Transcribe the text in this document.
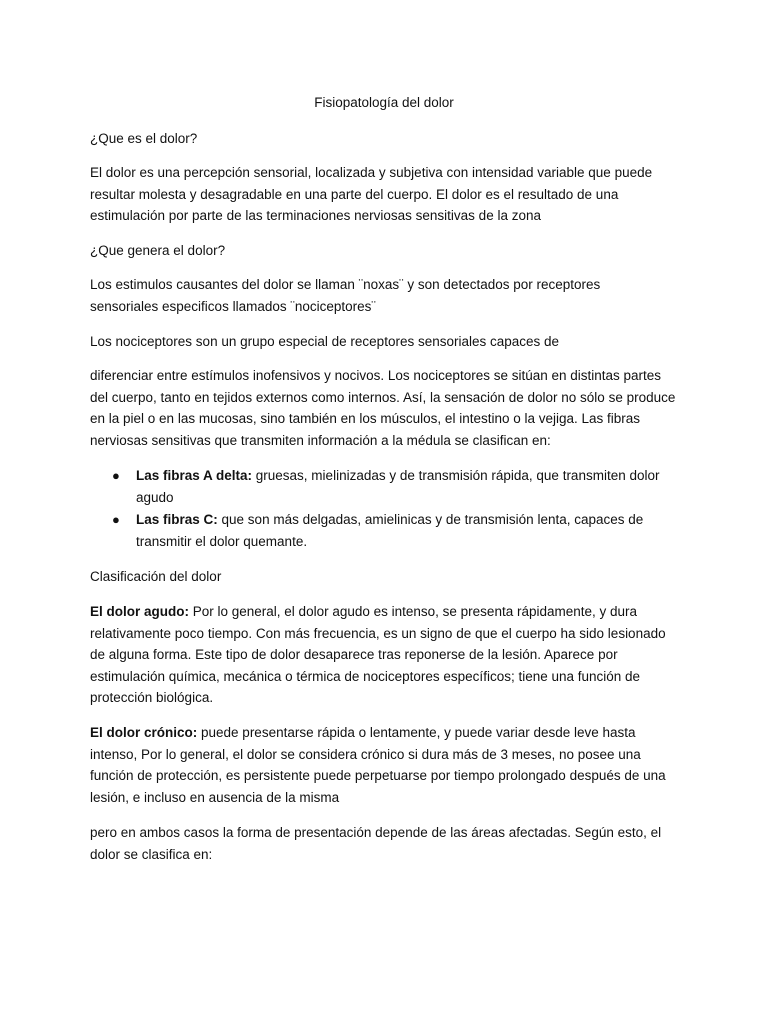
Fisiopatología del dolor

¿Que es el dolor?

El dolor es una percepción sensorial, localizada y subjetiva con intensidad variable que puede resultar molesta y desagradable en una parte del cuerpo. El dolor es el resultado de una estimulación por parte de las terminaciones nerviosas sensitivas de la zona

¿Que genera el dolor?

Los estimulos causantes del dolor se llaman ¨noxas¨ y son detectados por receptores sensoriales especificos llamados ¨nociceptores¨

Los nociceptores son un grupo especial de receptores sensoriales capaces de

diferenciar entre estímulos inofensivos y nocivos. Los nociceptores se sitúan en distintas partes del cuerpo, tanto en tejidos externos como internos. Así, la sensación de dolor no sólo se produce en la piel o en las mucosas, sino también en los músculos, el intestino o la vejiga. Las fibras nerviosas sensitivas que transmiten información a la médula se clasifican en:

● Las fibras A delta: gruesas, mielinizadas y de transmisión rápida, que transmiten dolor agudo
● Las fibras C: que son más delgadas, amielinicas y de transmisión lenta, capaces de transmitir el dolor quemante.

Clasificación del dolor

El dolor agudo: Por lo general, el dolor agudo es intenso, se presenta rápidamente, y dura relativamente poco tiempo. Con más frecuencia, es un signo de que el cuerpo ha sido lesionado de alguna forma. Este tipo de dolor desaparece tras reponerse de la lesión. Aparece por estimulación química, mecánica o térmica de nociceptores específicos; tiene una función de protección biológica.

El dolor crónico: puede presentarse rápida o lentamente, y puede variar desde leve hasta intenso, Por lo general, el dolor se considera crónico si dura más de 3 meses, no posee una función de protección, es persistente puede perpetuarse por tiempo prolongado después de una lesión, e incluso en ausencia de la misma

pero en ambos casos la forma de presentación depende de las áreas afectadas. Según esto, el dolor se clasifica en:
